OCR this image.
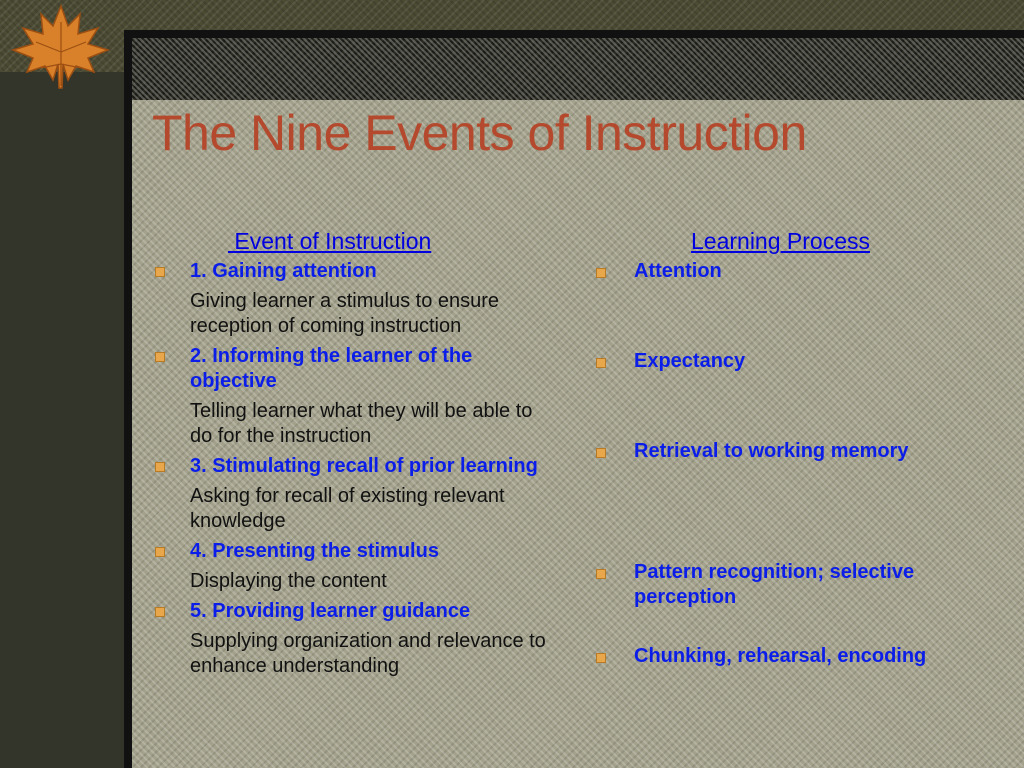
The Nine Events of Instruction
Event of Instruction	Learning Process
1. Gaining attention
Giving learner a stimulus to ensure reception of coming instruction
2. Informing the learner of the objective
Telling learner what they will be able to do for the instruction
3. Stimulating recall of prior learning
Asking for recall of existing relevant knowledge
4. Presenting the stimulus
Displaying the content
5. Providing learner guidance
Supplying organization and relevance to enhance understanding
Attention
Expectancy
Retrieval to working memory
Pattern recognition; selective perception
Chunking, rehearsal, encoding
